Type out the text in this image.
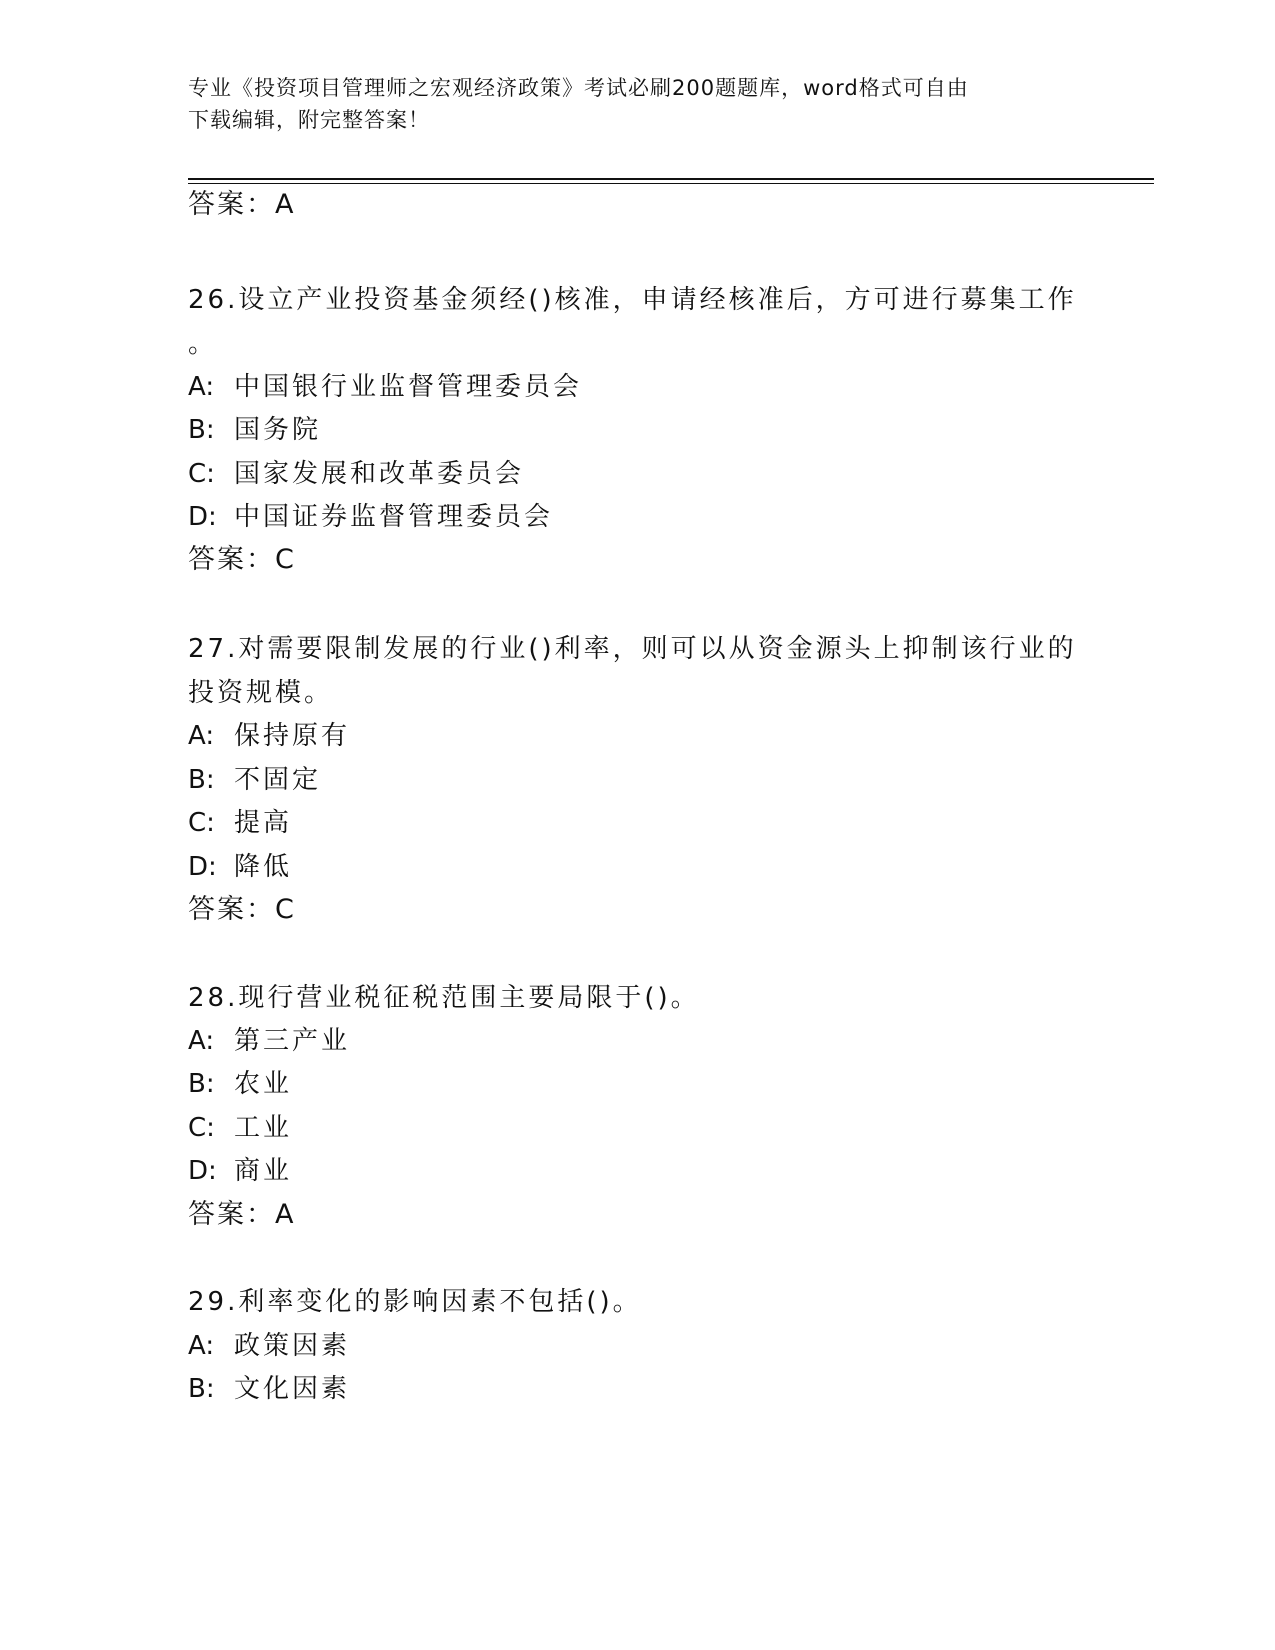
专业《投资项目管理师之宏观经济政策》考试必刷200题题库，word格式可自由
下载编辑，附完整答案！
答案：A
26.设立产业投资基金须经()核准，申请经核准后，方可进行募集工作
。
A: 中国银行业监督管理委员会
B: 国务院
C: 国家发展和改革委员会
D: 中国证券监督管理委员会
答案：C
27.对需要限制发展的行业()利率，则可以从资金源头上抑制该行业的
投资规模。
A: 保持原有
B: 不固定
C: 提高
D: 降低
答案：C
28.现行营业税征税范围主要局限于()。
A: 第三产业
B: 农业
C: 工业
D: 商业
答案：A
29.利率变化的影响因素不包括()。
A: 政策因素
B: 文化因素
